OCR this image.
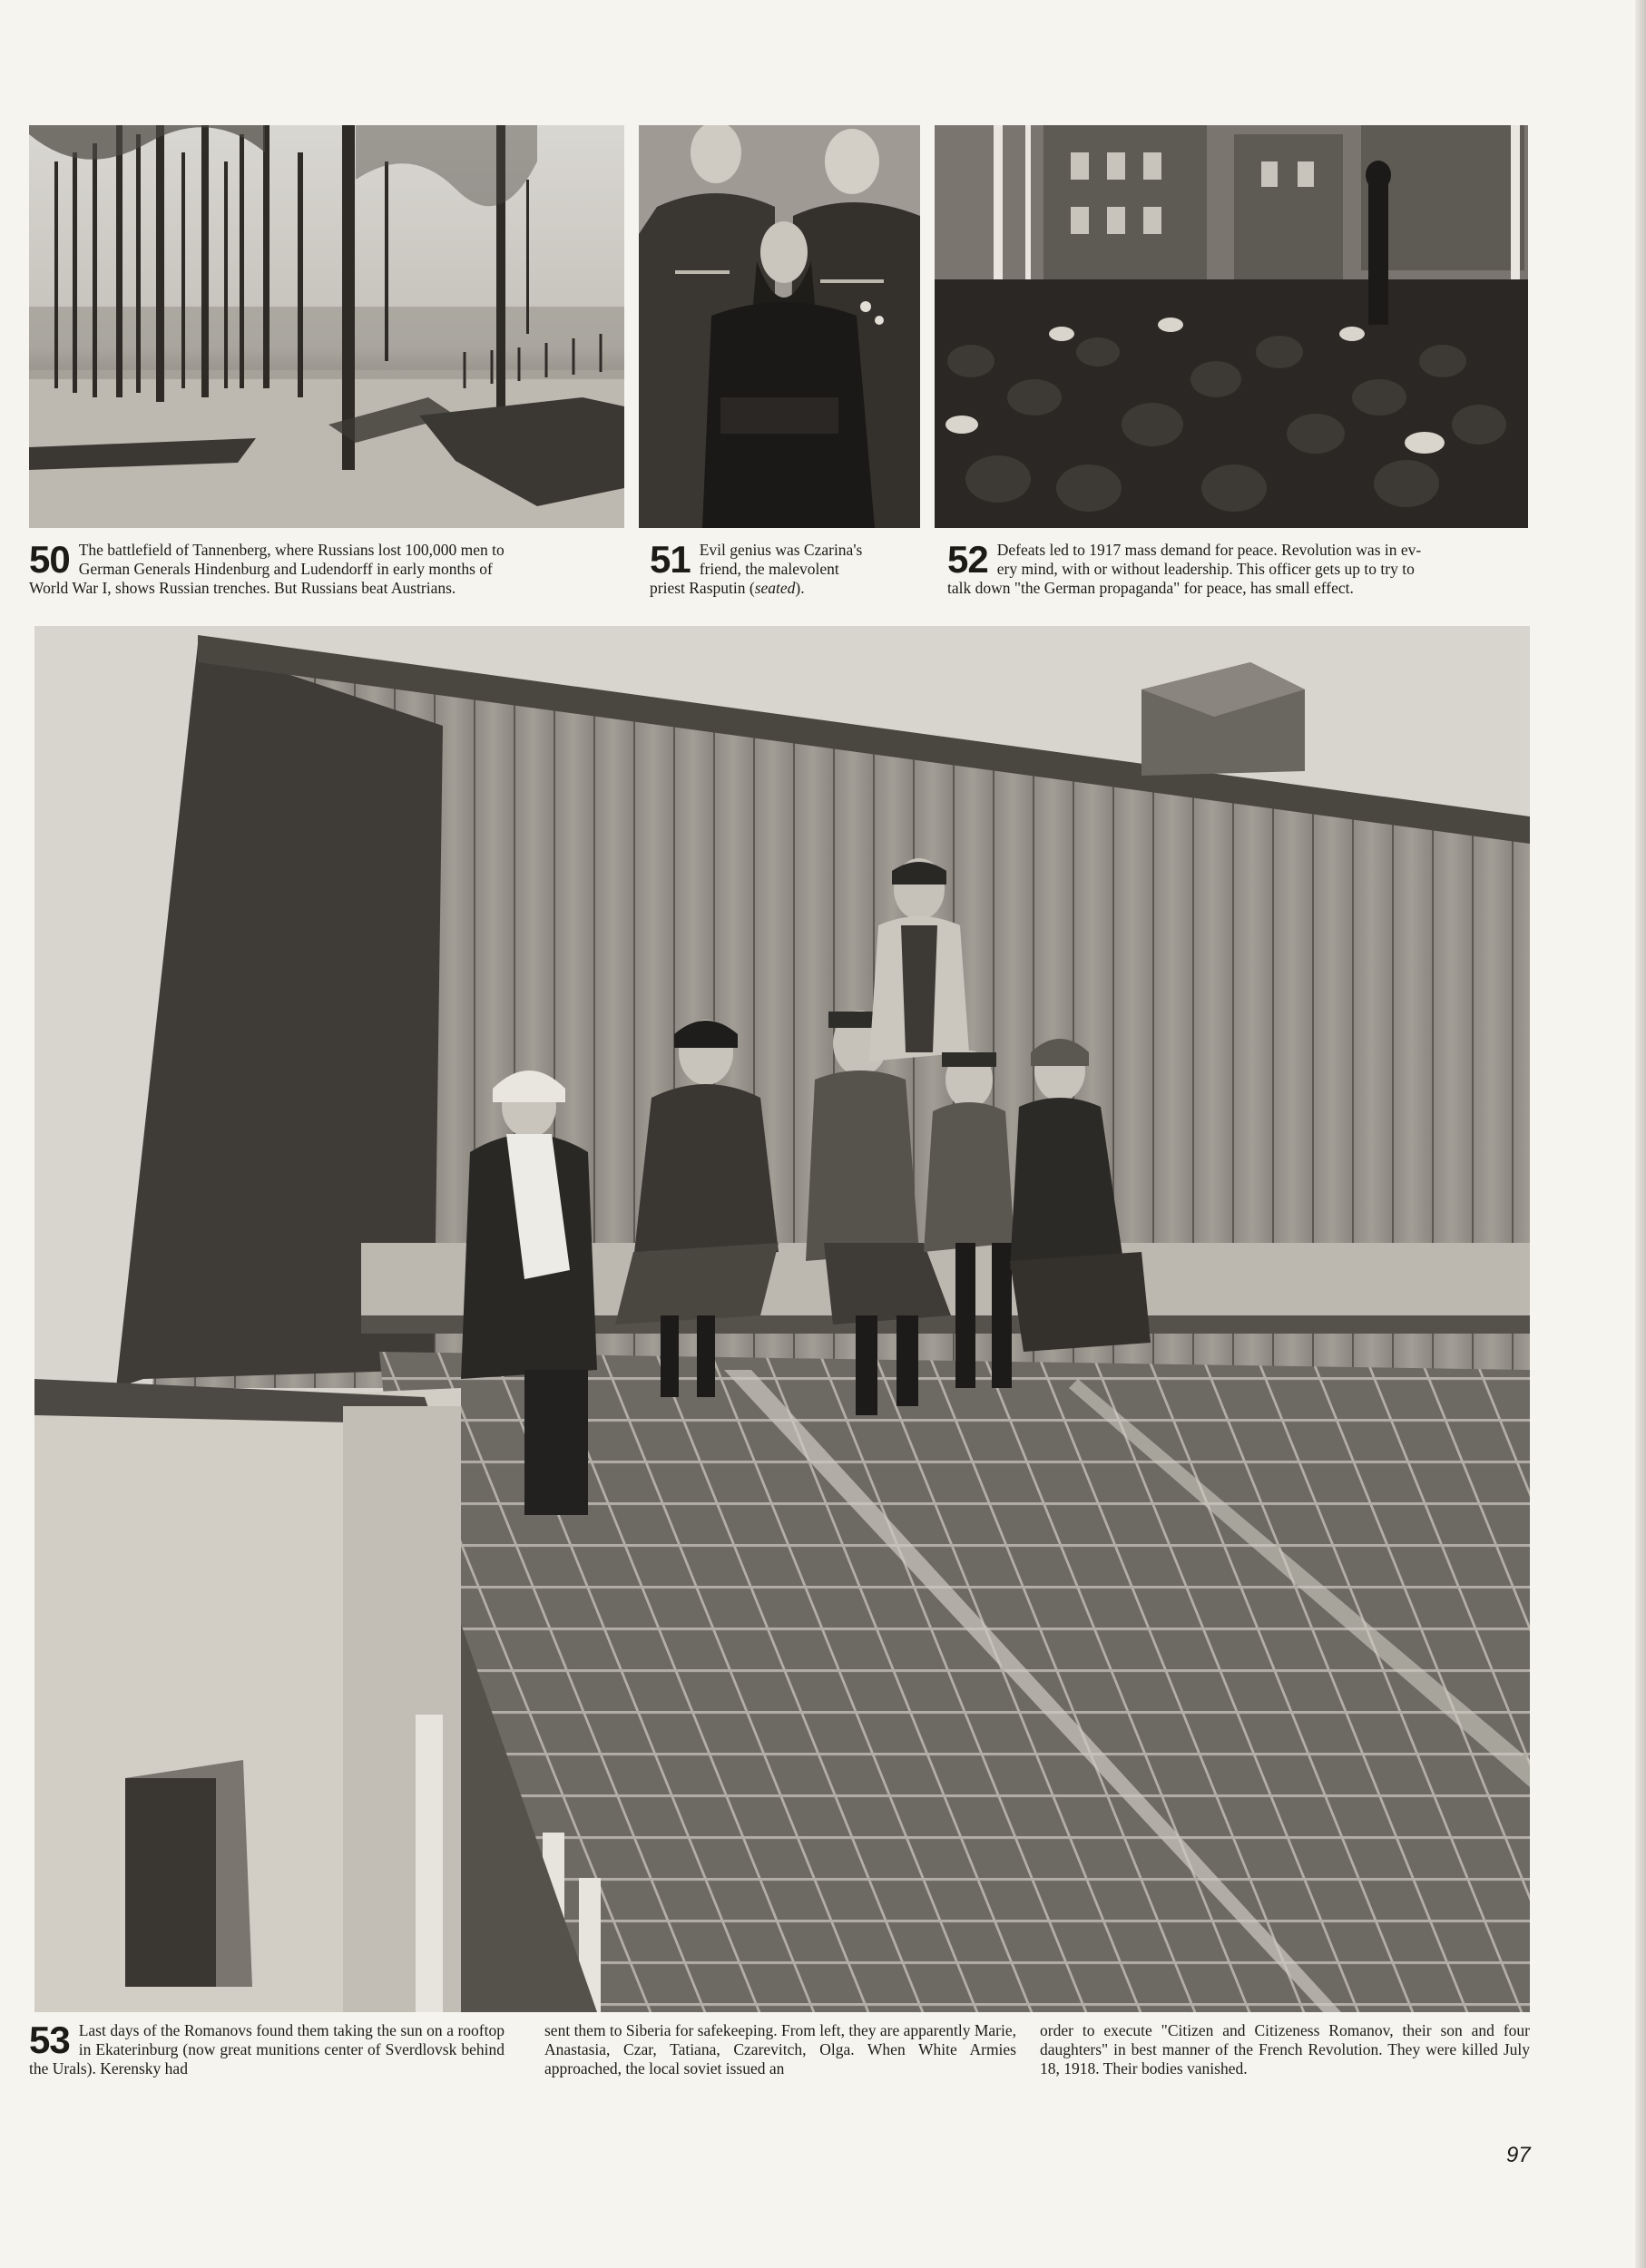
50 The battlefield of Tannenberg, where Russians lost 100,000 men to
German Generals Hindenburg and Ludendorff in early months of
World War I, shows Russian trenches. But Russians beat Austrians.
51 Evil genius was Czarina's
friend, the malevolent
priest Rasputin (seated).
52 Defeats led to 1917 mass demand for peace. Revolution was in ev-
ery mind, with or without leadership. This officer gets up to try to
talk down "the German propaganda" for peace, has small effect.
53 Last days of the Romanovs found them taking the sun on a rooftop in Ekaterinburg (now great munitions center of Sverdlovsk behind the Urals). Kerensky had

sent them to Siberia for safekeeping. From left, they are apparently Marie, Anastasia, Czar, Tatiana, Czarevitch, Olga. When White Armies approached, the local soviet issued an

order to execute "Citizen and Citizeness Romanov, their son and four daughters" in best manner of the French Revolution. They were killed July 18, 1918. Their bodies vanished.

97
